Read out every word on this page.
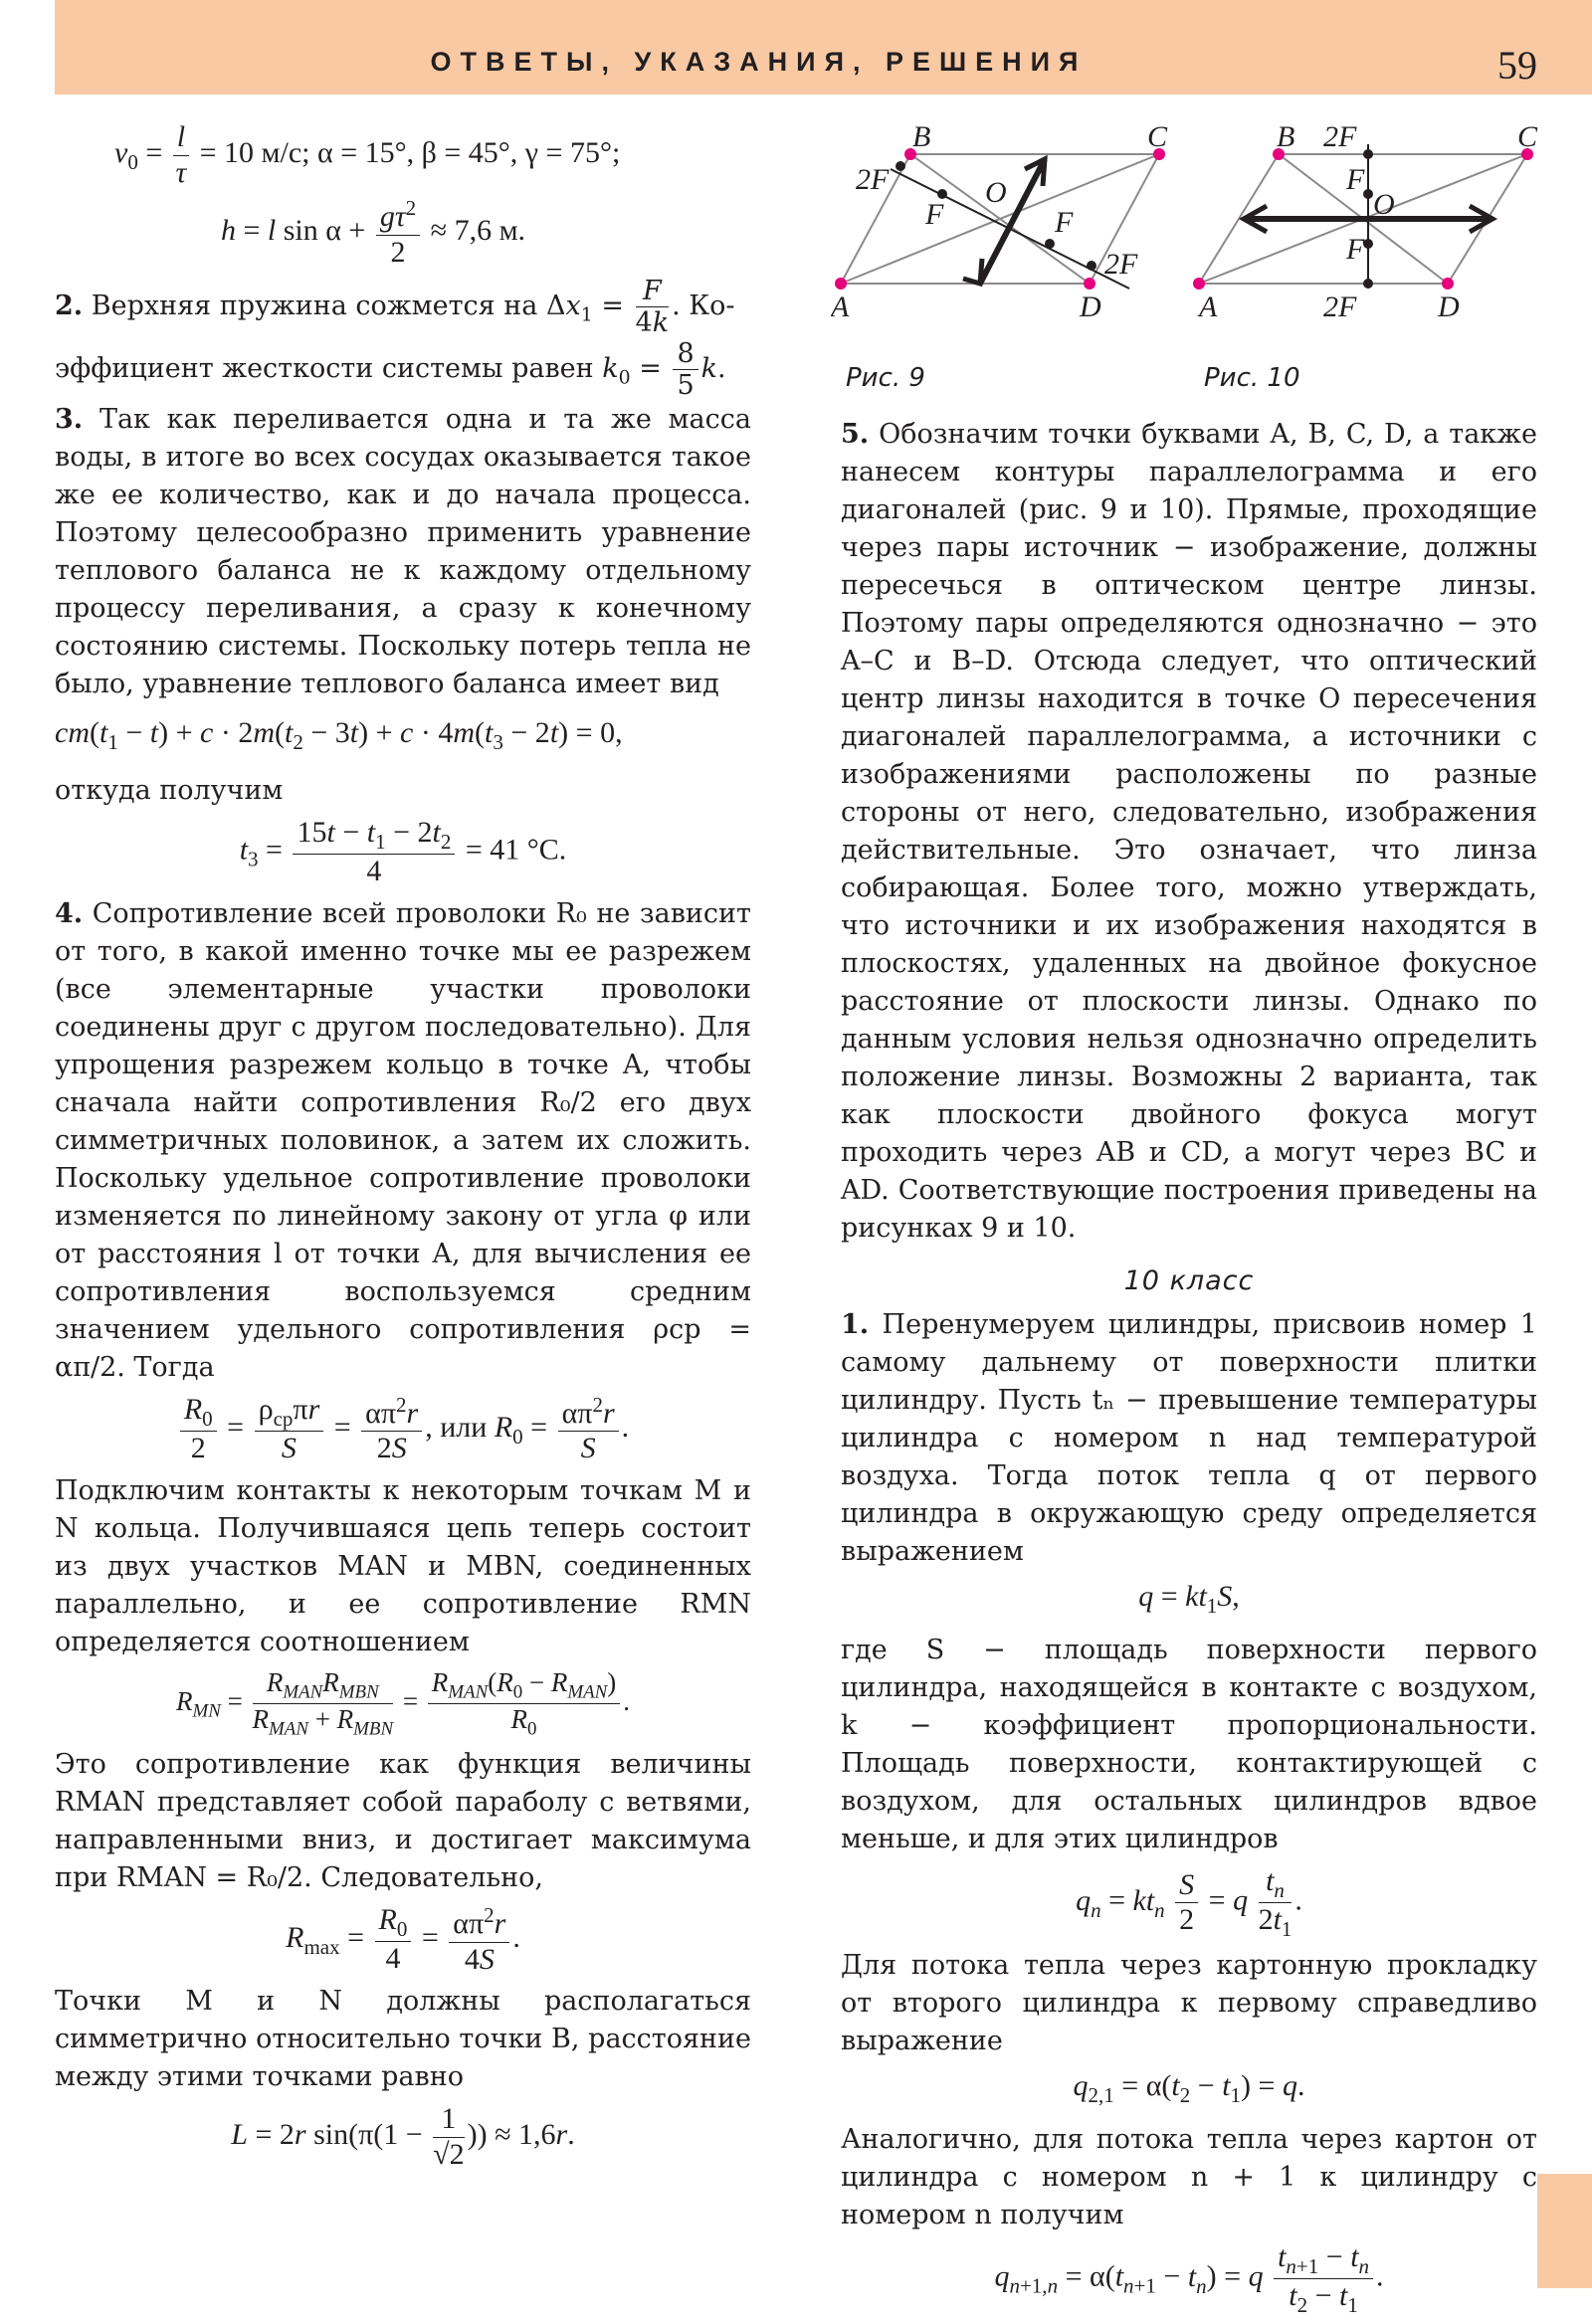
ОТВЕТЫ, УКАЗАНИЯ, РЕШЕНИЯ	59
$v_0 = \frac{l}{\tau} = 10$ м/с; α = 15°, β = 45°, γ = 75°;
h = l $\sin \alpha + \frac{g\tau^2}{2} \approx 7,6$ м.

2. Верхняя пружина сожмется на $\Delta x_1 = \frac{F}{4k}$ . Ко-
эффициент жесткости системы равен $k_0 = \frac{8}{5} k$.

3. Так как переливается одна и та же масса воды, в итоге во всех сосудах оказывается такое же ее количество, как и до начала процесса. Поэтому целесообразно применить уравнение теплового баланса не к каждому отдельному процессу переливания, а сразу к конечному состоянию системы. Поскольку потерь тепла не было, уравнение теплового баланса имеет вид

$cm(t_1 - t) + c \cdot 2m(t_2 - 3t) + c \cdot 4m(t_3 - 2t) = 0$,

откуда получим

$t_3 = \frac{15t - t_1 - 2t_2}{4} = 41$ °C.

4. Сопротивление всей проволоки R₀ не зависит от того, в какой именно точке мы ее разрежем (все элементарные участки проволоки соединены друг с другом последовательно). Для упрощения разрежем кольцо в точке A, чтобы сначала найти сопротивления R₀/2 его двух симметричных половинок, а затем их сложить. Поскольку удельное сопротивление проволоки изменяется по линейному закону от угла φ или от расстояния l от точки A, для вычисления ее сопротивления воспользуемся средним значением удельного сопротивления ρср = απ/2. Тогда

$\frac{R_0}{2} = \frac{\rho_{ср}\pi r}{S} = \frac{\alpha\pi^2r}{2S}$ , или $R_0 = \frac{\alpha\pi^2r}{S}$ .

Подключим контакты к некоторым точкам M и N кольца. Получившаяся цепь теперь состоит из двух участков MAN и MBN, соединенных параллельно, и ее сопротивление RMN определяется соотношением

$R_{MN} = \frac{R_{MAN}R_{MBN}}{R_{MAN} + R_{MBN}} = \frac{R_{MAN}(R_0 - R_{MAN})}{R_0}$ .

Это сопротивление как функция величины RMAN представляет собой параболу с ветвями, направленными вниз, и достигает максимума при RMAN = R₀/2. Следовательно,

$R_{max} = \frac{R_0}{4} = \frac{\alpha\pi^2r}{4S}$ .

Точки M и N должны располагаться симметрично относительно точки B, расстояние между этими точками равно

L = 2r $\sin(\pi(1 - \frac{1}{√2}$ )) ≈ 1,6r.
B	C
A	D
O
2F
F	F
2F
B 2F	C
A	2F	D
F
O
F
Рис. 9	Рис. 10

5. Обозначим точки буквами A, B, C, D, а также нанесем контуры параллелограмма и его диагоналей (рис. 9 и 10). Прямые, проходящие через пары источник − изображение, должны пересечься в оптическом центре линзы. Поэтому пары определяются однозначно − это A–C и B–D. Отсюда следует, что оптический центр линзы находится в точке O пересечения диагоналей параллелограмма, а источники с изображениями расположены по разные стороны от него, следовательно, изображения действительные. Это означает, что линза собирающая. Более того, можно утверждать, что источники и их изображения находятся в плоскостях, удаленных на двойное фокусное расстояние от плоскости линзы. Однако по данным условия нельзя однозначно определить положение линзы. Возможны 2 варианта, так как плоскости двойного фокуса могут проходить через AB и CD, а могут через BC и AD. Соответствующие построения приведены на рисунках 9 и 10.

10 класс

1. Перенумеруем цилиндры, присвоив номер 1 самому дальнему от поверхности плитки цилиндру. Пусть tₙ − превышение температуры цилиндра с номером n над температурой воздуха. Тогда поток тепла q от первого цилиндра в окружающую среду определяется выражением

$q = kt_1S$,

где S − площадь поверхности первого цилиндра, находящейся в контакте с воздухом, k − коэффициент пропорциональности. Площадь поверхности, контактирующей с воздухом, для остальных цилиндров вдвое меньше, и для этих цилиндров

$q_n = kt_n \frac{S}{2} = q \frac{t_n}{2t_1}$ .

Для потока тепла через картонную прокладку от второго цилиндра к первому справедливо выражение

$q_{2,1} = \alpha(t_2 - t_1) = q$.

Аналогично, для потока тепла через картон от цилиндра с номером n + 1 к цилиндру с номером n получим

$q_{n+1,n} = \alpha(t_{n+1} - t_n) = q \frac{t_{n+1} - t_n}{t_2 - t_1}$ .
